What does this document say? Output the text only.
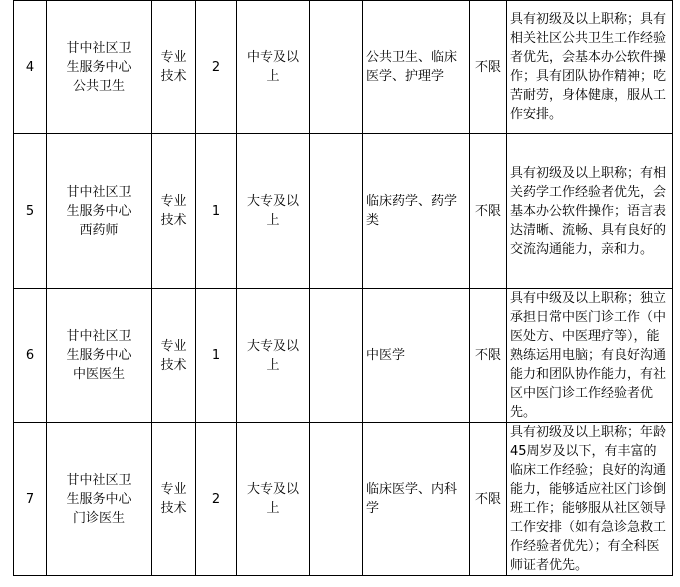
4	甘中社区卫生服务中心公共卫生	专业技术	2	中专及以上		公共卫生、临床医学、护理学	不限	具有初级及以上职称；具有相关社区公共卫生工作经验者优先，会基本办公软件操作；具有团队协作精神；吃苦耐劳，身体健康，服从工作安排。
5	甘中社区卫生服务中心西药师	专业技术	1	大专及以上		临床药学、药学类	不限	具有初级及以上职称；有相关药学工作经验者优先，会基本办公软件操作；语言表达清晰、流畅、具有良好的交流沟通能力，亲和力。
6	甘中社区卫生服务中心中医医生	专业技术	1	大专及以上		中医学	不限	具有中级及以上职称；独立承担日常中医门诊工作（中医处方、中医理疗等），能熟练运用电脑；有良好沟通能力和团队协作能力，有社区中医门诊工作经验者优先。
7	甘中社区卫生服务中心门诊医生	专业技术	2	大专及以上		临床医学、内科学	不限	具有初级及以上职称；年龄45周岁及以下，有丰富的临床工作经验；良好的沟通能力，能够适应社区门诊倒班工作；能够服从社区领导工作安排（如有急诊急救工作经验者优先）；有全科医师证者优先。
